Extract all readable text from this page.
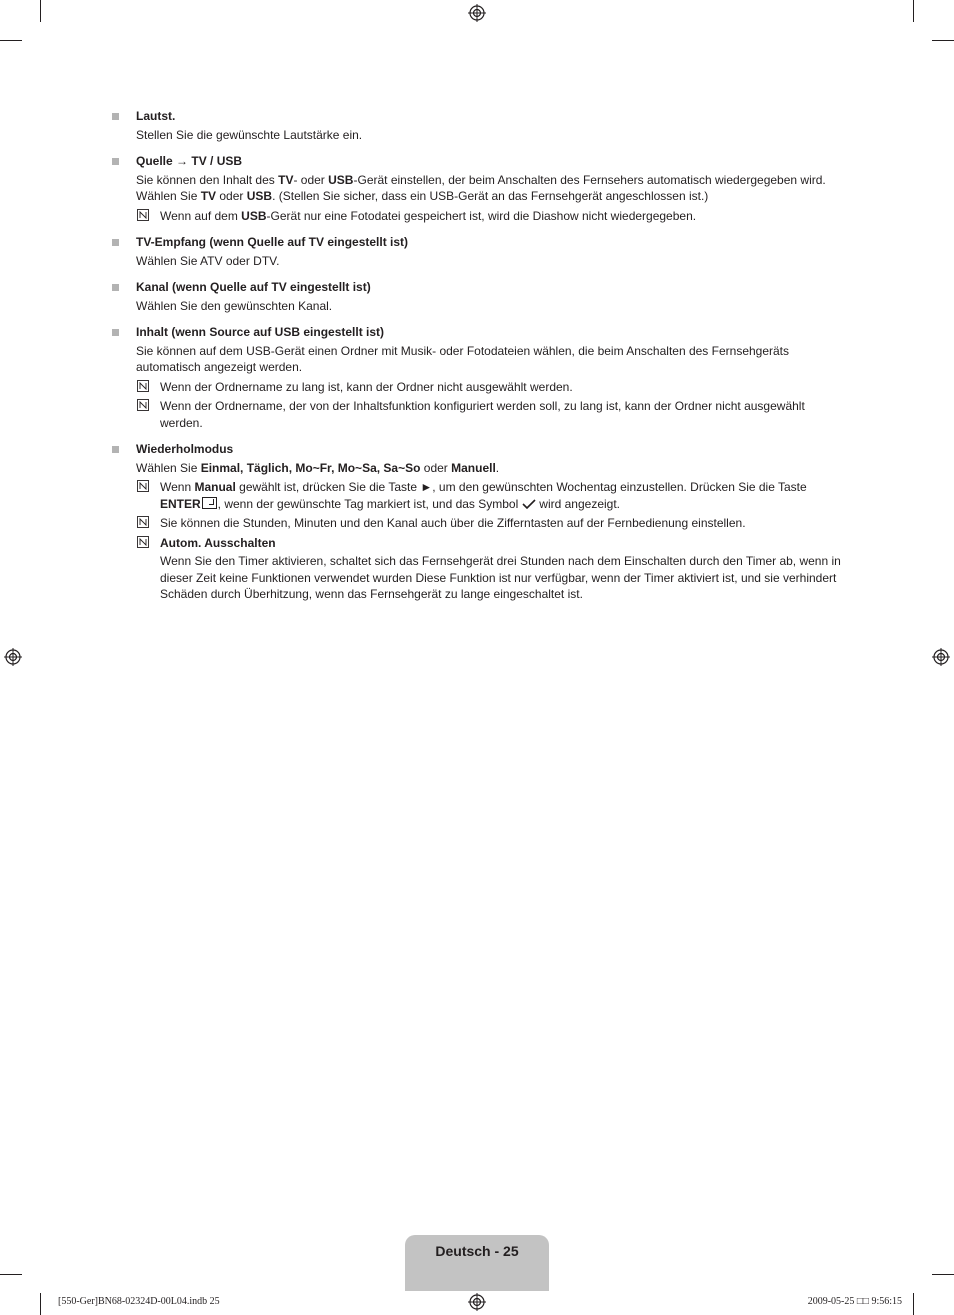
Lautst.

Stellen Sie die gewünschte Lautstärke ein.

Quelle → TV / USB

Sie können den Inhalt des TV- oder USB-Gerät einstellen, der beim Anschalten des Fernsehers automatisch wiedergegeben wird. Wählen Sie TV oder USB. (Stellen Sie sicher, dass ein USB-Gerät an das Fernsehgerät angeschlossen ist.)

Wenn auf dem USB-Gerät nur eine Fotodatei gespeichert ist, wird die Diashow nicht wiedergegeben.
TV-Empfang (wenn Quelle auf TV eingestellt ist)

Wählen Sie ATV oder DTV.

Kanal (wenn Quelle auf TV eingestellt ist)

Wählen Sie den gewünschten Kanal.

Inhalt (wenn Source auf USB eingestellt ist)

Sie können auf dem USB-Gerät einen Ordner mit Musik- oder Fotodateien wählen, die beim Anschalten des Fernsehgeräts automatisch angezeigt werden.

Wenn der Ordnername zu lang ist, kann der Ordner nicht ausgewählt werden.
Wenn der Ordnername, der von der Inhaltsfunktion konfiguriert werden soll, zu lang ist, kann der Ordner nicht ausgewählt werden.
Wiederholmodus

Wählen Sie Einmal, Täglich, Mo~Fr, Mo~Sa, Sa~So oder Manuell.

Wenn Manual gewählt ist, drücken Sie die Taste ►, um den gewünschten Wochentag einzustellen. Drücken Sie die Taste ENTER , wenn der gewünschte Tag markiert ist, und das Symbol wird angezeigt.
Sie können die Stunden, Minuten und den Kanal auch über die Zifferntasten auf der Fernbedienung einstellen.
Autom. Ausschalten

Wenn Sie den Timer aktivieren, schaltet sich das Fernsehgerät drei Stunden nach dem Einschalten durch den Timer ab, wenn in dieser Zeit keine Funktionen verwendet wurden Diese Funktion ist nur verfügbar, wenn der Timer aktiviert ist, und sie verhindert Schäden durch Überhitzung, wenn das Fernsehgerät zu lange eingeschaltet ist.

Deutsch - 25
[550-Ger]BN68-02324D-00L04.indb 25	2009-05-25 □□ 9:56:15
